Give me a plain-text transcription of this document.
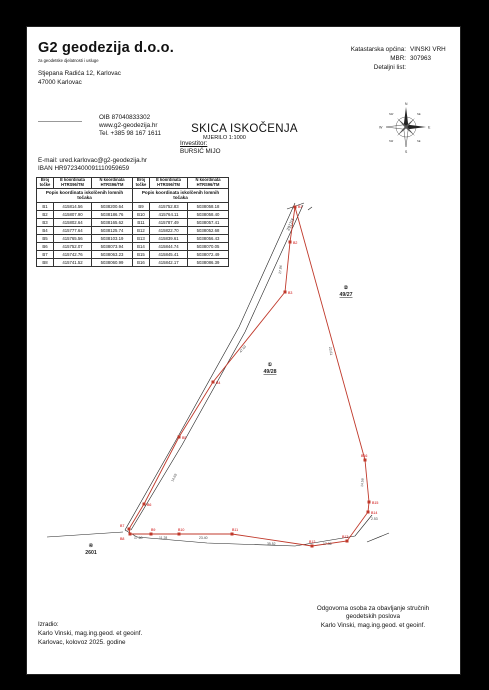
G2 geodezija d.o.o.
za geodetske djelatnosti i usluge
Stjepana Radića 12, Karlovac
47000 Karlovac
Katastarska općina: VINSKI VRH
MBR: 307963
Detaljni list:
SKICA ISKOČENJA
MJERILO 1:1000
OIB 87040833302
www.g2-geodezija.hr
Tel. +385 98 167 1611
Investitor:
BURSIĆ MIJO
E-mail: ured.karlovac@g2-geodezija.hr
IBAN HR9723400091110959659
Broj točke	E koordinata HTRS96/TM	N koordinata HTRS96/TM	Broj točke	E koordinata HTRS96/TM	N koordinata HTRS96/TM
Popis koordinata iskolčenih lomnih točaka			Popis koordinata iskolčenih lomnih točaka		
B1	415814.56	5038200.64	B9	415752.83	5038058.18
B2	415807.90	5038186.76	B10	415764.11	5038058.40
B3	415802.64	5038165.62	B11	415787.49	5038057.41
B4	415777.64	5038125.74	B12	415822.70	5038052.68
B5	415765.56	5038103.19	B13	415839.61	5038056.43
B6	415752.07	5038073.94	B14	415844.74	5038070.05
B7	415742.76	5038063.23	B15	415845.41	5038072.49
B8	415741.52	5038060.99	B16	415842.17	5038086.39
Izradio:
Karlo Vinski, mag.ing.geod. et geoinf.
Karlovac, kolovoz 2025. godine
Odgovorna osoba za obavljanje stručnih
geodetskih poslova
Karlo Vinski, mag.ing.geod. et geoinf.
B1
B2
B3
B4
B5
B6
B7
B8
B9	B10	B11
B12
B13
B14
B15
B16
17.60	11.28	23.40
35.52	17.36
2.53
14.58
23.61
47.03
14.69
27.84
2917/3
②
49/27
①
49/28
④
2601
N
S
E
W
NW	NE
SW	SE
